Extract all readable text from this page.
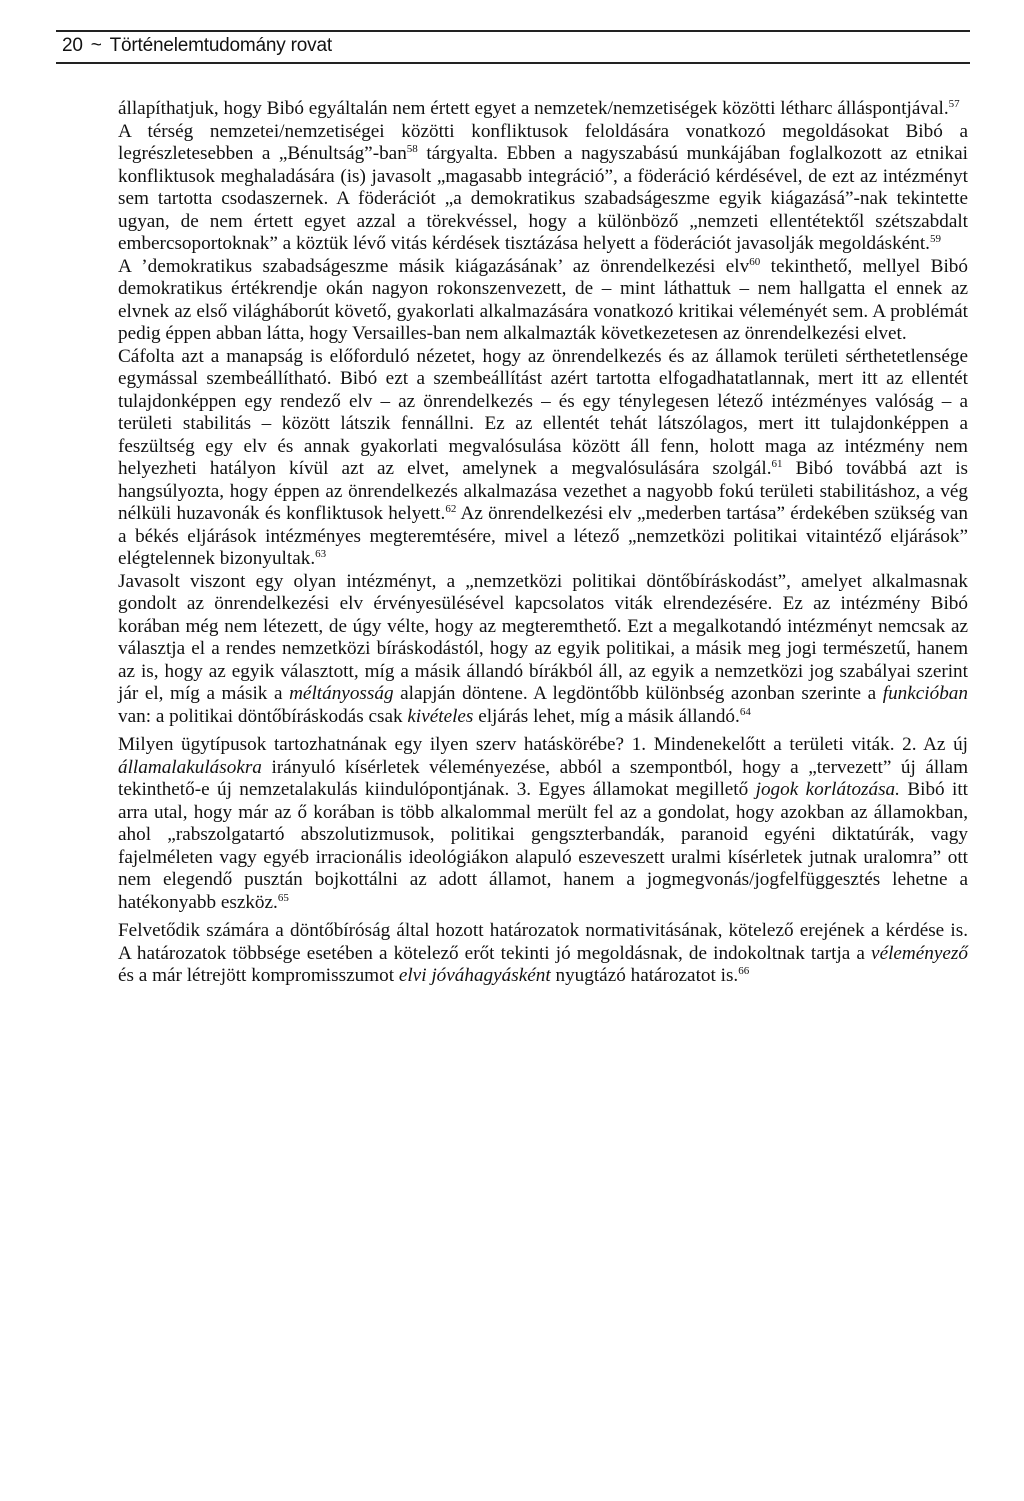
20 ~ Történelemtudomány rovat

állapíthatjuk, hogy Bibó egyáltalán nem értett egyet a nemzetek/nemzetiségek közötti létharc álláspontjával.$^{57}$

A térség nemzetei/nemzetiségei közötti konfliktusok feloldására vonatkozó megoldásokat Bibó a legrészletesebben a „Bénultság”-ban$^{58}$ tárgyalta. Ebben a nagyszabású munkájában foglalkozott az etnikai konfliktusok meghaladására (is) javasolt „magasabb integráció”, a föderáció kérdésével, de ezt az intézményt sem tartotta csodaszernek. A föderációt „a demokratikus szabadságeszme egyik kiágazásá”-nak tekintette ugyan, de nem értett egyet azzal a törekvéssel, hogy a különböző „nemzeti ellentétektől szétszabdalt embercsoportoknak” a köztük lévő vitás kérdések tisztázása helyett a föderációt javasolják megoldásként.$^{59}$

A ’demokratikus szabadságeszme másik kiágazásának’ az önrendelkezési elv$^{60}$ tekinthető, mellyel Bibó demokratikus értékrendje okán nagyon rokonszenvezett, de – mint láthattuk – nem hallgatta el ennek az elvnek az első világháborút követő, gyakorlati alkalmazására vonatkozó kritikai véleményét sem. A problémát pedig éppen abban látta, hogy Versailles-ban nem alkalmazták következetesen az önrendelkezési elvet.

Cáfolta azt a manapság is előforduló nézetet, hogy az önrendelkezés és az államok területi sérthetetlensége egymással szembeállítható. Bibó ezt a szembeállítást azért tartotta elfogadhatatlannak, mert itt az ellentét tulajdonképpen egy rendező elv – az önrendelkezés – és egy ténylegesen létező intézményes valóság – a területi stabilitás – között látszik fennállni. Ez az ellentét tehát látszólagos, mert itt tulajdonképpen a feszültség egy elv és annak gyakorlati megvalósulása között áll fenn, holott maga az intézmény nem helyezheti hatályon kívül azt az elvet, amelynek a megvalósulására szolgál.$^{61}$ Bibó továbbá azt is hangsúlyozta, hogy éppen az önrendelkezés alkalmazása vezethet a nagyobb fokú területi stabilitáshoz, a vég nélküli huzavonák és konfliktusok helyett.$^{62}$ Az önrendelkezési elv „mederben tartása” érdekében szükség van a békés eljárások intézményes megteremtésére, mivel a létező „nemzetközi politikai vitaintéző eljárások” elégtelennek bizonyultak.$^{63}$

Javasolt viszont egy olyan intézményt, a „nemzetközi politikai döntőbíráskodást”, amelyet alkalmasnak gondolt az önrendelkezési elv érvényesülésével kapcsolatos viták elrendezésére. Ez az intézmény Bibó korában még nem létezett, de úgy vélte, hogy az megteremthető. Ezt a megalkotandó intézményt nemcsak az választja el a rendes nemzetközi bíráskodástól, hogy az egyik politikai, a másik meg jogi természetű, hanem az is, hogy az egyik választott, míg a másik állandó bírákból áll, az egyik a nemzetközi jog szabályai szerint jár el, míg a másik a méltányosság alapján döntene. A legdöntőbb különbség azonban szerinte a funkcióban van: a politikai döntőbíráskodás csak kivételes eljárás lehet, míg a másik állandó.$^{64}$

Milyen ügytípusok tartozhatnának egy ilyen szerv hatáskörébe? 1. Mindenekelőtt a területi viták. 2. Az új államalakulásokra irányuló kísérletek véleményezése, abból a szempontból, hogy a „tervezett” új állam tekinthető-e új nemzetalakulás kiindulópontjának. 3. Egyes államokat megillető jogok korlátozása. Bibó itt arra utal, hogy már az ő korában is több alkalommal merült fel az a gondolat, hogy azokban az államokban, ahol „rabszolgatartó abszolutizmusok, politikai gengszterbandák, paranoid egyéni diktatúrák, vagy fajelméleten vagy egyéb irracionális ideológiákon alapuló eszeveszett uralmi kísérletek jutnak uralomra” ott nem elegendő pusztán bojkottálni az adott államot, hanem a jogmegvonás/jogfelfüggesztés lehetne a hatékonyabb eszköz.$^{65}$

Felvetődik számára a döntőbíróság által hozott határozatok normativitásának, kötelező erejének a kérdése is. A határozatok többsége esetében a kötelező erőt tekinti jó megoldásnak, de indokoltnak tartja a véleményező és a már létrejött kompromisszumot elvi jóváhagyásként nyugtázó határozatot is.$^{66}$
